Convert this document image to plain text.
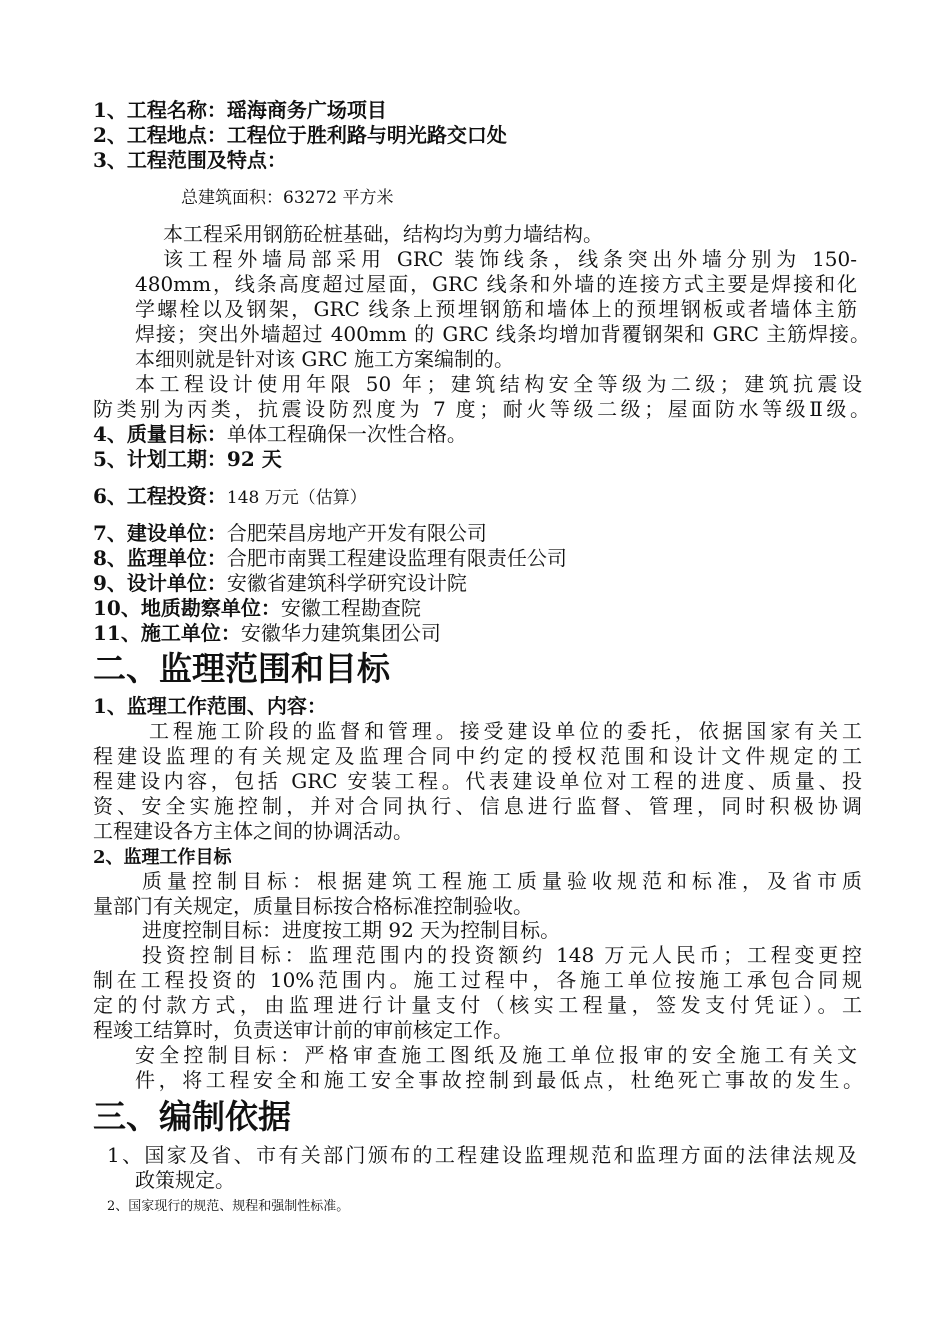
1、工程名称：瑶海商务广场项目
2、工程地点：工程位于胜利路与明光路交口处
3、工程范围及特点：
总建筑面积：63272 平方米
本工程采用钢筋砼桩基础，结构均为剪力墙结构。
该工程外墙局部采用 GRC 装饰线条，线条突出外墙分别为 150-
480mm，线条高度超过屋面，GRC 线条和外墙的连接方式主要是焊接和化
学螺栓以及钢架，GRC 线条上预埋钢筋和墙体上的预埋钢板或者墙体主筋
焊接；突出外墙超过 400mm 的 GRC 线条均增加背覆钢架和 GRC 主筋焊接。
本细则就是针对该 GRC 施工方案编制的。
本工程设计使用年限 50 年；建筑结构安全等级为二级；建筑抗震设
防类别为丙类，抗震设防烈度为 7 度；耐火等级二级；屋面防水等级Ⅱ级。
4、质量目标：单体工程确保一次性合格。
5、计划工期：92 天
6、工程投资：148 万元（估算）
7、建设单位：合肥荣昌房地产开发有限公司
8、监理单位：合肥市南巽工程建设监理有限责任公司
9、设计单位：安徽省建筑科学研究设计院
10、地质勘察单位：安徽工程勘查院
11、施工单位：安徽华力建筑集团公司
二、监理范围和目标
1、监理工作范围、内容：
工程施工阶段的监督和管理。接受建设单位的委托，依据国家有关工
程建设监理的有关规定及监理合同中约定的授权范围和设计文件规定的工
程建设内容，包括 GRC 安装工程。代表建设单位对工程的进度、质量、投
资、安全实施控制，并对合同执行、信息进行监督、管理，同时积极协调
工程建设各方主体之间的协调活动。
2、监理工作目标
质量控制目标：根据建筑工程施工质量验收规范和标准，及省市质
量部门有关规定，质量目标按合格标准控制验收。
进度控制目标：进度按工期 92 天为控制目标。
投资控制目标：监理范围内的投资额约 148 万元人民币；工程变更控
制在工程投资的 10%范围内。施工过程中，各施工单位按施工承包合同规
定的付款方式，由监理进行计量支付（核实工程量，签发支付凭证）。工
程竣工结算时，负责送审计前的审前核定工作。
安全控制目标：严格审查施工图纸及施工单位报审的安全施工有关文
件，将工程安全和施工安全事故控制到最低点，杜绝死亡事故的发生。
三、编制依据
1、国家及省、市有关部门颁布的工程建设监理规范和监理方面的法律法规及
政策规定。
2、国家现行的规范、规程和强制性标准。
